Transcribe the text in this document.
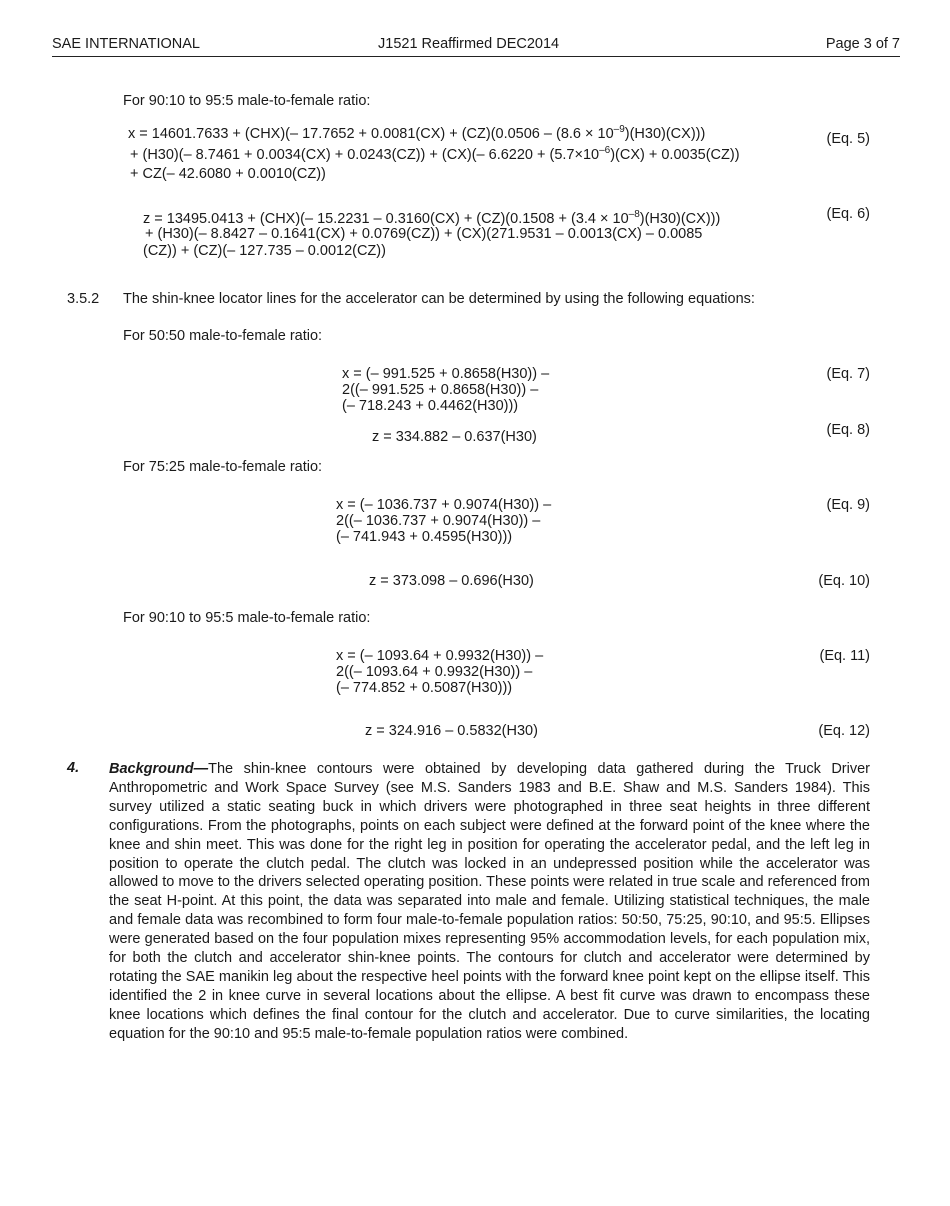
SAE INTERNATIONAL	J1521 Reaffirmed DEC2014	Page 3 of 7
For 90:10 to 95:5 male-to-female ratio:
x = 14601.7633 + (CHX)(– $17.7652 + 0.0081(CX) + (CZ)(0.0506 - (8.6 \times 10^{-9})(H30)(CX))$)
+ (H30)(– 8.7461 + 0.0034(CX) + 0.0243(CZ)) + (CX)(– $6.6220 + (5.7\times 10^{-6})(CX) + 0.0035(CZ)$)
+ CZ(– 42.6080 + 0.0010(CZ))
(Eq. 5)
z = 13495.0413 + (CHX)(– $15.2231 - 0.3160(CX) + (CZ)(0.1508 + (3.4 \times 10^{-8})(H30)(CX))$)
+ (H30)(– 8.8427 – 0.1641(CX) + 0.0769(CZ)) + (CX)(271.9531 – 0.0013(CX) – 0.0085
(CZ)) + (CZ)(– 127.735 – 0.0012(CZ))
(Eq. 6)
3.5.2 The shin-knee locator lines for the accelerator can be determined by using the following equations:
For 50:50 male-to-female ratio:
x = (– 991.525 + 0.8658(H30)) –
2((– 991.525 + 0.8658(H30)) –
(– 718.243 + 0.4462(H30)))
(Eq. 7)
z = 334.882 – 0.637(H30)	(Eq. 8)
For 75:25 male-to-female ratio:
x = (– 1036.737 + 0.9074(H30)) –
2((– 1036.737 + 0.9074(H30)) –
(– 741.943 + 0.4595(H30)))
(Eq. 9)
z = 373.098 – 0.696(H30)	(Eq. 10)
For 90:10 to 95:5 male-to-female ratio:
x = (– 1093.64 + 0.9932(H30)) –
2((– 1093.64 + 0.9932(H30)) –
(– 774.852 + 0.5087(H30)))
(Eq. 11)
z = 324.916 – 0.5832(H30)	(Eq. 12)
4. Background—The shin-knee contours were obtained by developing data gathered during the Truck Driver Anthropometric and Work Space Survey (see M.S. Sanders 1983 and B.E. Shaw and M.S. Sanders 1984). This survey utilized a static seating buck in which drivers were photographed in three seat heights in three different configurations. From the photographs, points on each subject were defined at the forward point of the knee where the knee and shin meet. This was done for the right leg in position for operating the accelerator pedal, and the left leg in position to operate the clutch pedal. The clutch was locked in an undepressed position while the accelerator was allowed to move to the drivers selected operating position. These points were related in true scale and referenced from the seat H-point. At this point, the data was separated into male and female. Utilizing statistical techniques, the male and female data was recombined to form four male-to-female population ratios: 50:50, 75:25, 90:10, and 95:5. Ellipses were generated based on the four population mixes representing 95% accommodation levels, for each population mix, for both the clutch and accelerator shin-knee points. The contours for clutch and accelerator were determined by rotating the SAE manikin leg about the respective heel points with the forward knee point kept on the ellipse itself. This identified the 2 in knee curve in several locations about the ellipse. A best fit curve was drawn to encompass these knee locations which defines the final contour for the clutch and accelerator. Due to curve similarities, the locating equation for the 90:10 and 95:5 male-to-female population ratios were combined.
